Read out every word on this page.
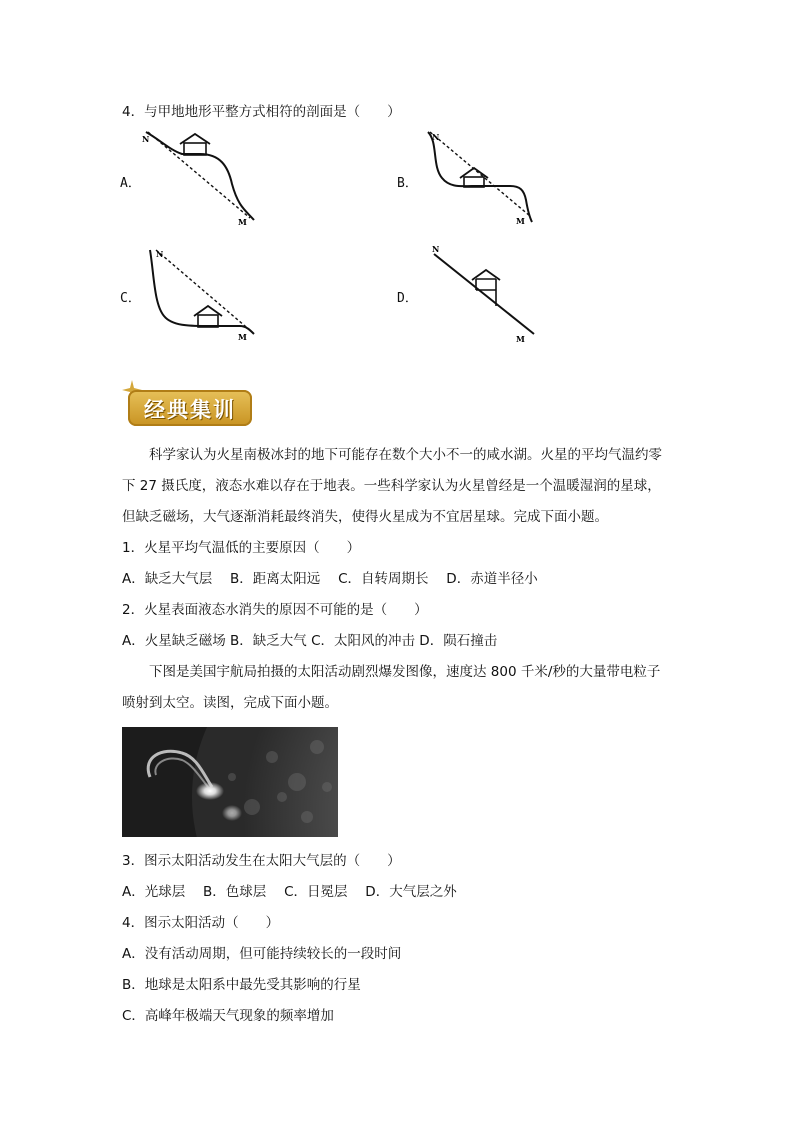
4．与甲地地形平整方式相符的剖面是（　　）
A．
N
M
B．
N
M
C．
N
M
D．
N
M
经典集训
科学家认为火星南极冰封的地下可能存在数个大小不一的咸水湖。火星的平均气温约零
下 27 摄氏度，液态水难以存在于地表。一些科学家认为火星曾经是一个温暖湿润的星球，
但缺乏磁场，大气逐渐消耗最终消失，使得火星成为不宜居星球。完成下面小题。
1．火星平均气温低的主要原因（　　）
A．缺乏大气层　 B．距离太阳远　 C．自转周期长　 D．赤道半径小
2．火星表面液态水消失的原因不可能的是（　　）
A．火星缺乏磁场 B．缺乏大气 C．太阳风的冲击 D．陨石撞击
下图是美国宇航局拍摄的太阳活动剧烈爆发图像，速度达 800 千米/秒的大量带电粒子
喷射到太空。读图，完成下面小题。
3．图示太阳活动发生在太阳大气层的（　　）
A．光球层　 B．色球层　 C．日冕层　 D．大气层之外
4．图示太阳活动（　　）
A．没有活动周期，但可能持续较长的一段时间
B．地球是太阳系中最先受其影响的行星
C．高峰年极端天气现象的频率增加
